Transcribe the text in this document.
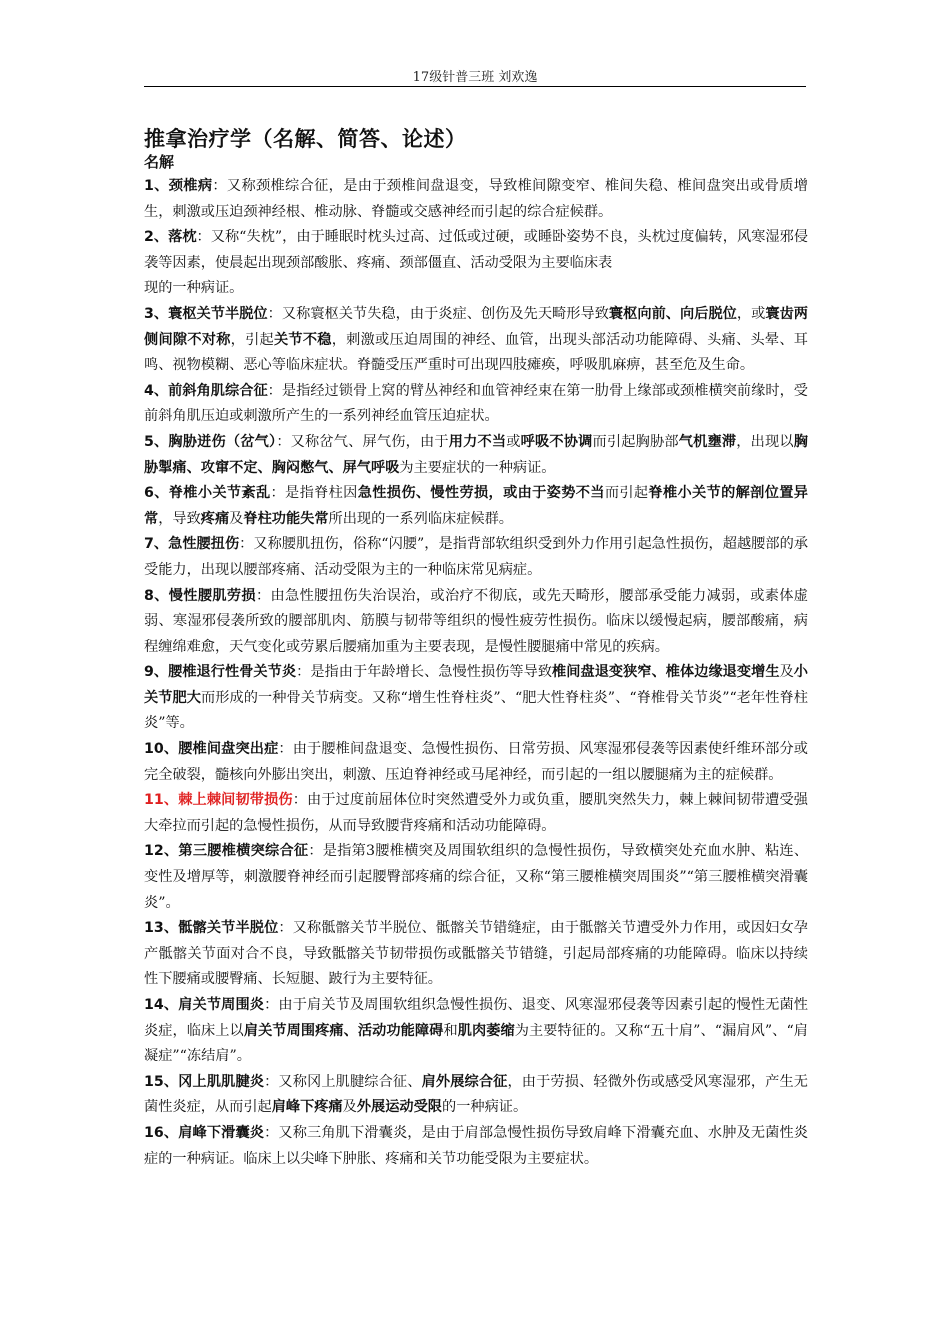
17级针普三班 刘欢逸
推拿治疗学（名解、简答、论述）
名解

1、颈椎病：又称颈椎综合征，是由于颈椎间盘退变，导致椎间隙变窄、椎间失稳、椎间盘突出或骨质增生，刺激或压迫颈神经根、椎动脉、脊髓或交感神经而引起的综合症候群。

2、落枕：又称“失枕”，由于睡眠时枕头过高、过低或过硬，或睡卧姿势不良，头枕过度偏转，风寒湿邪侵袭等因素，使晨起出现颈部酸胀、疼痛、颈部僵直、活动受限为主要临床表
现的一种病证。

3、寰枢关节半脱位：又称寰枢关节失稳，由于炎症、创伤及先天畸形导致寰枢向前、向后脱位，或寰齿两侧间隙不对称，引起关节不稳，刺激或压迫周围的神经、血管，出现头部活动功能障碍、头痛、头晕、耳鸣、视物模糊、恶心等临床症状。脊髓受压严重时可出现四肢瘫痪，呼吸肌麻痹，甚至危及生命。

4、前斜角肌综合征：是指经过锁骨上窝的臂丛神经和血管神经束在第一肋骨上缘部或颈椎横突前缘时，受前斜角肌压迫或刺激所产生的一系列神经血管压迫症状。

5、胸胁迸伤（岔气）：又称岔气、屏气伤，由于用力不当或呼吸不协调而引起胸胁部气机壅滞，出现以胸胁掣痛、攻窜不定、胸闷憋气、屏气呼吸为主要症状的一种病证。

6、脊椎小关节紊乱：是指脊柱因急性损伤、慢性劳损，或由于姿势不当而引起脊椎小关节的解剖位置异常，导致疼痛及脊柱功能失常所出现的一系列临床症候群。

7、急性腰扭伤：又称腰肌扭伤，俗称“闪腰”，是指背部软组织受到外力作用引起急性损伤，超越腰部的承受能力，出现以腰部疼痛、活动受限为主的一种临床常见病症。

8、慢性腰肌劳损：由急性腰扭伤失治误治，或治疗不彻底，或先天畸形，腰部承受能力减弱，或素体虚弱、寒湿邪侵袭所致的腰部肌肉、筋膜与韧带等组织的慢性疲劳性损伤。临床以缓慢起病，腰部酸痛，病程缠绵难愈，天气变化或劳累后腰痛加重为主要表现，是慢性腰腿痛中常见的疾病。

9、腰椎退行性骨关节炎：是指由于年龄增长、急慢性损伤等导致椎间盘退变狭窄、椎体边缘退变增生及小关节肥大而形成的一种骨关节病变。又称“增生性脊柱炎”、“肥大性脊柱炎”、“脊椎骨关节炎”“老年性脊柱炎”等。

10、腰椎间盘突出症：由于腰椎间盘退变、急慢性损伤、日常劳损、风寒湿邪侵袭等因素使纤维环部分或完全破裂，髓核向外膨出突出，刺激、压迫脊神经或马尾神经，而引起的一组以腰腿痛为主的症候群。

11、棘上棘间韧带损伤：由于过度前屈体位时突然遭受外力或负重，腰肌突然失力，棘上棘间韧带遭受强大牵拉而引起的急慢性损伤，从而导致腰背疼痛和活动功能障碍。

12、第三腰椎横突综合征：是指第3腰椎横突及周围软组织的急慢性损伤，导致横突处充血水肿、粘连、变性及增厚等，刺激腰脊神经而引起腰臀部疼痛的综合征，又称“第三腰椎横突周围炎”“第三腰椎横突滑囊炎”。

13、骶髂关节半脱位：又称骶髂关节半脱位、骶髂关节错缝症，由于骶髂关节遭受外力作用，或因妇女孕产骶髂关节面对合不良，导致骶髂关节韧带损伤或骶髂关节错缝，引起局部疼痛的功能障碍。临床以持续性下腰痛或腰臀痛、长短腿、跛行为主要特征。

14、肩关节周围炎：由于肩关节及周围软组织急慢性损伤、退变、风寒湿邪侵袭等因素引起的慢性无菌性炎症，临床上以肩关节周围疼痛、活动功能障碍和肌肉萎缩为主要特征的。又称“五十肩”、“漏肩风”、“肩凝症”“冻结肩”。

15、冈上肌肌腱炎：又称冈上肌腱综合征、肩外展综合征，由于劳损、轻微外伤或感受风寒湿邪，产生无菌性炎症，从而引起肩峰下疼痛及外展运动受限的一种病证。

16、肩峰下滑囊炎：又称三角肌下滑囊炎，是由于肩部急慢性损伤导致肩峰下滑囊充血、水肿及无菌性炎症的一种病证。临床上以尖峰下肿胀、疼痛和关节功能受限为主要症状。
